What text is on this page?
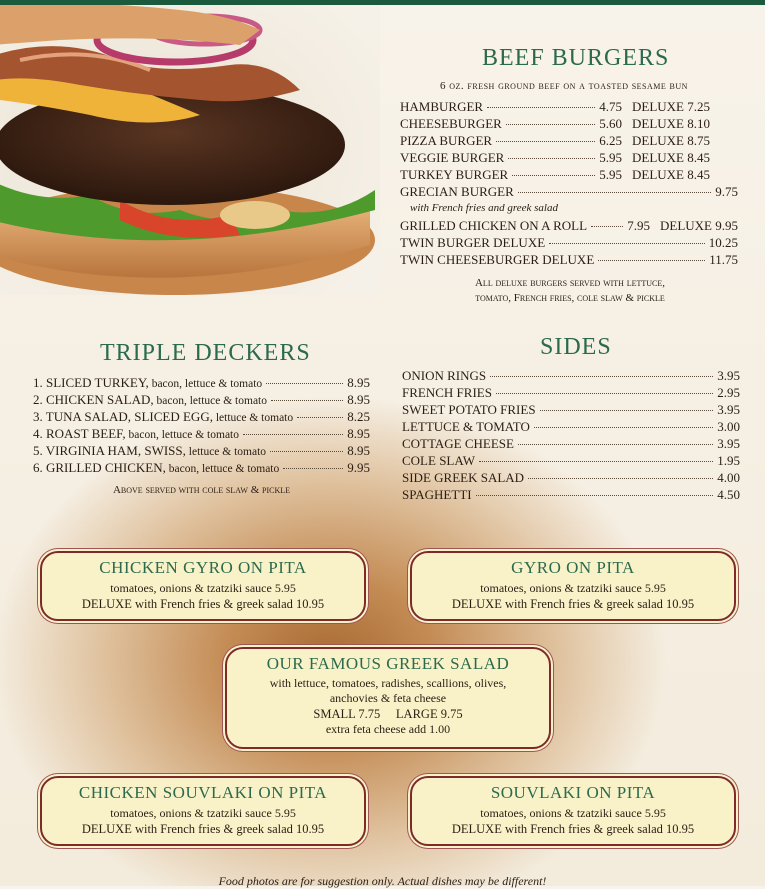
BEEF BURGERS
6 oz. fresh ground beef on a toasted sesame bun
HAMBURGER	4.75 DELUXE 7.25
CHEESEBURGER	5.60 DELUXE 8.10
PIZZA BURGER	6.25 DELUXE 8.75
VEGGIE BURGER	5.95 DELUXE 8.45
TURKEY BURGER	5.95 DELUXE 8.45
GRECIAN BURGER	9.75
with French fries and greek salad
GRILLED CHICKEN ON A ROLL	7.95 DELUXE 9.95
TWIN BURGER DELUXE	10.25
TWIN CHEESEBURGER DELUXE	11.75
All deluxe burgers served with lettuce,
tomato, French fries, cole slaw & pickle
TRIPLE DECKERS
1. SLICED TURKEY, bacon, lettuce & tomato	8.95
2. CHICKEN SALAD, bacon, lettuce & tomato	8.95
3. TUNA SALAD, SLICED EGG, lettuce & tomato	8.25
4. ROAST BEEF, bacon, lettuce & tomato	8.95
5. VIRGINIA HAM, SWISS, lettuce & tomato	8.95
6. GRILLED CHICKEN, bacon, lettuce & tomato	9.95
Above served with cole slaw & pickle
SIDES
ONION RINGS	3.95
FRENCH FRIES	2.95
SWEET POTATO FRIES	3.95
LETTUCE & TOMATO	3.00
COTTAGE CHEESE	3.95
COLE SLAW	1.95
SIDE GREEK SALAD	4.00
SPAGHETTI	4.50
CHICKEN GYRO ON PITA
tomatoes, onions & tzatziki sauce 5.95
DELUXE with French fries & greek salad 10.95
GYRO ON PITA
tomatoes, onions & tzatziki sauce 5.95
DELUXE with French fries & greek salad 10.95
OUR FAMOUS GREEK SALAD
with lettuce, tomatoes, radishes, scallions, olives,
anchovies & feta cheese
SMALL 7.75     LARGE 9.75
extra feta cheese add 1.00
CHICKEN SOUVLAKI ON PITA
tomatoes, onions & tzatziki sauce 5.95
DELUXE with French fries & greek salad 10.95
SOUVLAKI ON PITA
tomatoes, onions & tzatziki sauce 5.95
DELUXE with French fries & greek salad 10.95
Food photos are for suggestion only. Actual dishes may be different!
